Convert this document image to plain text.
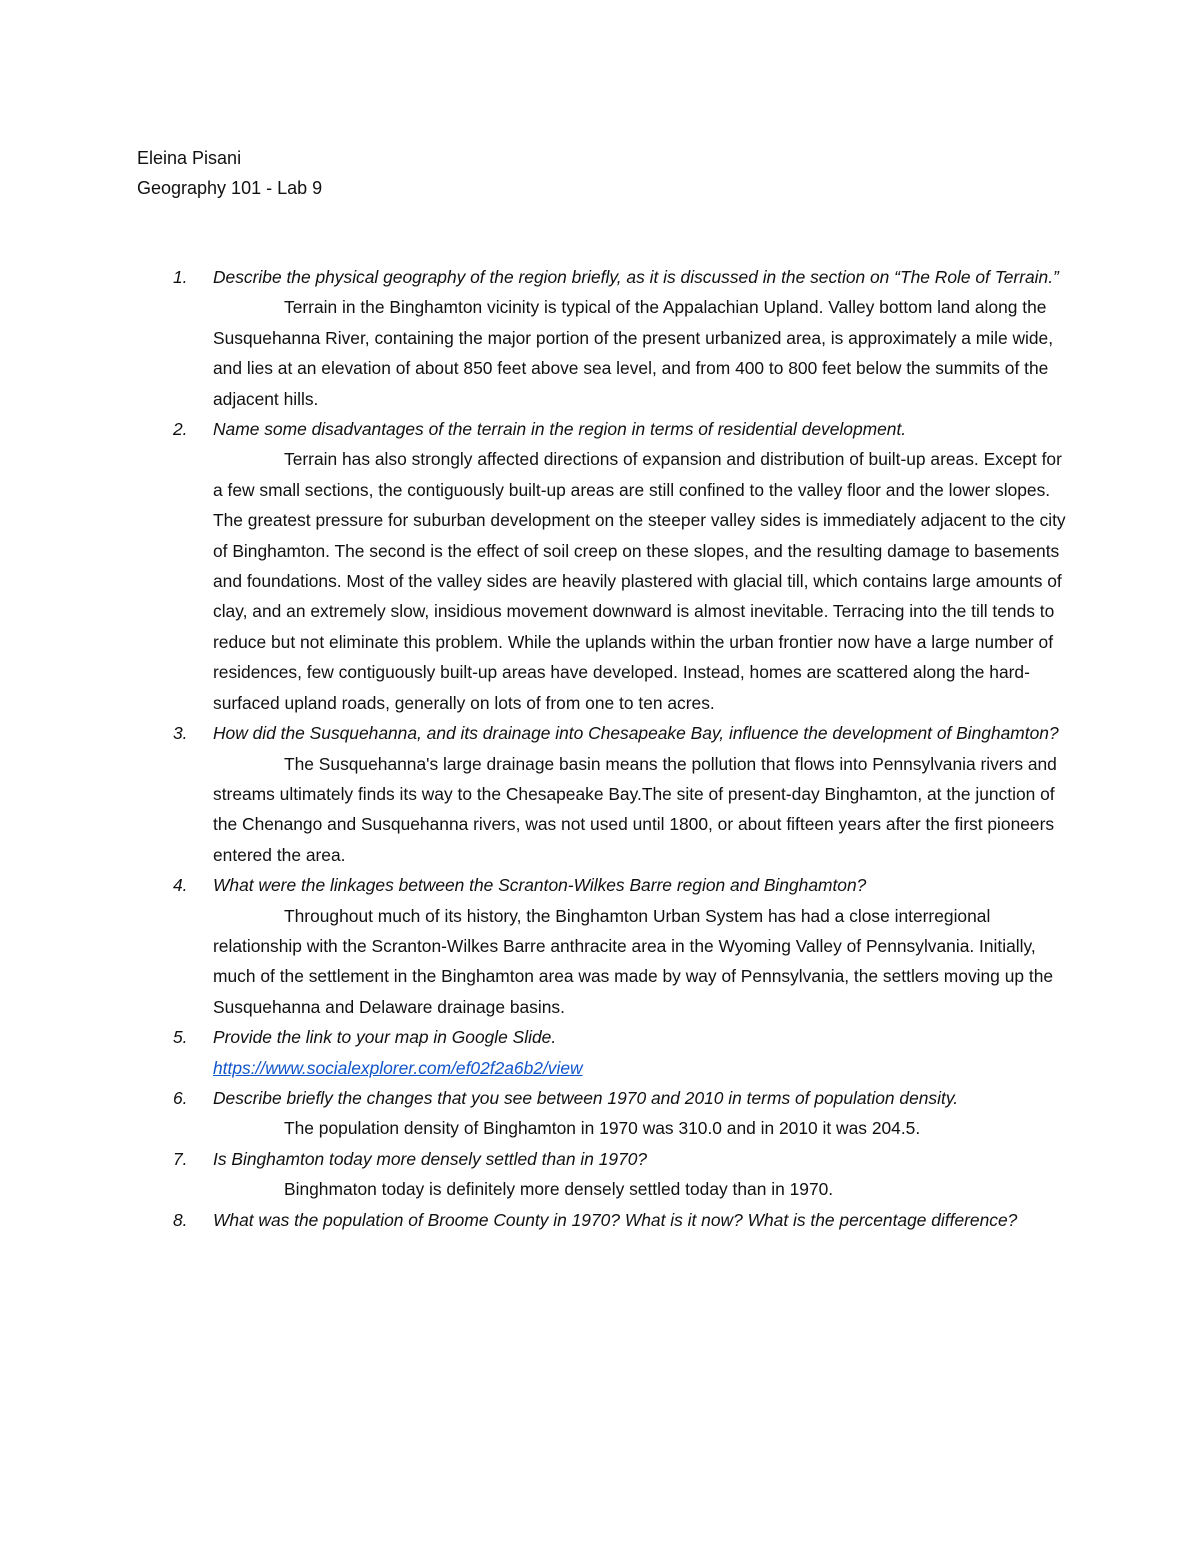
Eleina Pisani
Geography 101 - Lab 9
1. Describe the physical geography of the region briefly, as it is discussed in the section on “The Role of Terrain.”
Terrain in the Binghamton vicinity is typical of the Appalachian Upland. Valley bottom land along the Susquehanna River, containing the major portion of the present urbanized area, is approximately a mile wide, and lies at an elevation of about 850 feet above sea level, and from 400 to 800 feet below the summits of the adjacent hills.
2. Name some disadvantages of the terrain in the region in terms of residential development.
Terrain has also strongly affected directions of expansion and distribution of built-up areas. Except for a few small sections, the contiguously built-up areas are still confined to the valley floor and the lower slopes. The greatest pressure for suburban development on the steeper valley sides is immediately adjacent to the city of Binghamton. The second is the effect of soil creep on these slopes, and the resulting damage to basements and foundations. Most of the valley sides are heavily plastered with glacial till, which contains large amounts of clay, and an extremely slow, insidious movement downward is almost inevitable. Terracing into the till tends to reduce but not eliminate this problem. While the uplands within the urban frontier now have a large number of residences, few contiguously built-up areas have developed. Instead, homes are scattered along the hard-surfaced upland roads, generally on lots of from one to ten acres.
3. How did the Susquehanna, and its drainage into Chesapeake Bay, influence the development of Binghamton?
The Susquehanna's large drainage basin means the pollution that flows into Pennsylvania rivers and streams ultimately finds its way to the Chesapeake Bay.The site of present-day Binghamton, at the junction of the Chenango and Susquehanna rivers, was not used until 1800, or about fifteen years after the first pioneers entered the area.
4. What were the linkages between the Scranton-Wilkes Barre region and Binghamton?
Throughout much of its history, the Binghamton Urban System has had a close interregional relationship with the Scranton-Wilkes Barre anthracite area in the Wyoming Valley of Pennsylvania. Initially, much of the settlement in the Binghamton area was made by way of Pennsylvania, the settlers moving up the Susquehanna and Delaware drainage basins.
5. Provide the link to your map in Google Slide.
https://www.socialexplorer.com/ef02f2a6b2/view
6. Describe briefly the changes that you see between 1970 and 2010 in terms of population density.
The population density of Binghamton in 1970 was 310.0 and in 2010 it was 204.5.
7. Is Binghamton today more densely settled than in 1970?
Binghmaton today is definitely more densely settled today than in 1970.
8. What was the population of Broome County in 1970? What is it now? What is the percentage difference?
